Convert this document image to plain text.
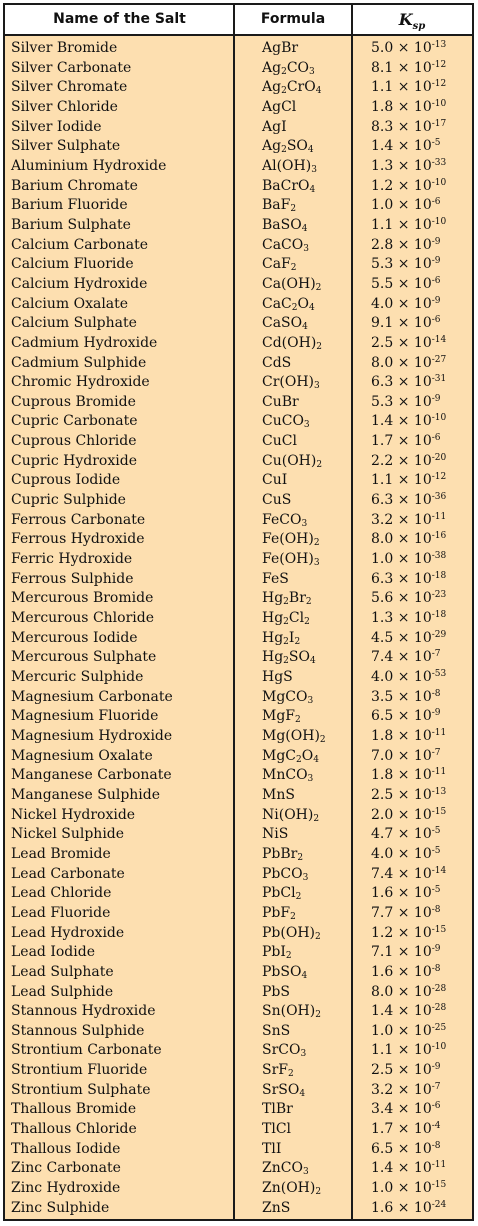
Name of the Salt	Formula	$K_{sp}$
Silver Bromide	AgBr	$5.0 \times 10^{-13}$
Silver Carbonate	$Ag_2CO_3$	$8.1 \times 10^{-12}$
Silver Chromate	$Ag_2CrO_4$	$1.1 \times 10^{-12}$
Silver Chloride	AgCl	$1.8 \times 10^{-10}$
Silver Iodide	AgI	$8.3 \times 10^{-17}$
Silver Sulphate	$Ag_2SO_4$	$1.4 \times 10^{-5}$
Aluminium Hydroxide	$Al(OH)_3$	$1.3 \times 10^{-33}$
Barium Chromate	BaCrO$_4$	$1.2 \times 10^{-10}$
Barium Fluoride	BaF$_2$	$1.0 \times 10^{-6}$
Barium Sulphate	BaSO$_4$	$1.1 \times 10^{-10}$
Calcium Carbonate	CaCO$_3$	$2.8 \times 10^{-9}$
Calcium Fluoride	CaF$_2$	$5.3 \times 10^{-9}$
Calcium Hydroxide	$Ca(OH)_2$	$5.5 \times 10^{-6}$
Calcium Oxalate	$CaC_2O_4$	$4.0 \times 10^{-9}$
Calcium Sulphate	CaSO$_4$	$9.1 \times 10^{-6}$
Cadmium Hydroxide	$Cd(OH)_2$	$2.5 \times 10^{-14}$
Cadmium Sulphide	CdS	$8.0 \times 10^{-27}$
Chromic Hydroxide	$Cr(OH)_3$	$6.3 \times 10^{-31}$
Cuprous Bromide	CuBr	$5.3 \times 10^{-9}$
Cupric Carbonate	CuCO$_3$	$1.4 \times 10^{-10}$
Cuprous Chloride	CuCl	$1.7 \times 10^{-6}$
Cupric Hydroxide	$Cu(OH)_2$	$2.2 \times 10^{-20}$
Cuprous Iodide	CuI	$1.1 \times 10^{-12}$
Cupric Sulphide	CuS	$6.3 \times 10^{-36}$
Ferrous Carbonate	FeCO$_3$	$3.2 \times 10^{-11}$
Ferrous Hydroxide	$Fe(OH)_2$	$8.0 \times 10^{-16}$
Ferric Hydroxide	$Fe(OH)_3$	$1.0 \times 10^{-38}$
Ferrous Sulphide	FeS	$6.3 \times 10^{-18}$
Mercurous Bromide	$Hg_2Br_2$	$5.6 \times 10^{-23}$
Mercurous Chloride	$Hg_2Cl_2$	$1.3 \times 10^{-18}$
Mercurous Iodide	$Hg_2I_2$	$4.5 \times 10^{-29}$
Mercurous Sulphate	$Hg_2SO_4$	$7.4 \times 10^{-7}$
Mercuric Sulphide	HgS	$4.0 \times 10^{-53}$
Magnesium Carbonate	MgCO$_3$	$3.5 \times 10^{-8}$
Magnesium Fluoride	MgF$_2$	$6.5 \times 10^{-9}$
Magnesium Hydroxide	$Mg(OH)_2$	$1.8 \times 10^{-11}$
Magnesium Oxalate	$MgC_2O_4$	$7.0 \times 10^{-7}$
Manganese Carbonate	MnCO$_3$	$1.8 \times 10^{-11}$
Manganese Sulphide	MnS	$2.5 \times 10^{-13}$
Nickel Hydroxide	$Ni(OH)_2$	$2.0 \times 10^{-15}$
Nickel Sulphide	NiS	$4.7 \times 10^{-5}$
Lead Bromide	PbBr$_2$	$4.0 \times 10^{-5}$
Lead Carbonate	PbCO$_3$	$7.4 \times 10^{-14}$
Lead Chloride	PbCl$_2$	$1.6 \times 10^{-5}$
Lead Fluoride	PbF$_2$	$7.7 \times 10^{-8}$
Lead Hydroxide	$Pb(OH)_2$	$1.2 \times 10^{-15}$
Lead Iodide	PbI$_2$	$7.1 \times 10^{-9}$
Lead Sulphate	PbSO$_4$	$1.6 \times 10^{-8}$
Lead Sulphide	PbS	$8.0 \times 10^{-28}$
Stannous Hydroxide	$Sn(OH)_2$	$1.4 \times 10^{-28}$
Stannous Sulphide	SnS	$1.0 \times 10^{-25}$
Strontium Carbonate	SrCO$_3$	$1.1 \times 10^{-10}$
Strontium Fluoride	SrF$_2$	$2.5 \times 10^{-9}$
Strontium Sulphate	SrSO$_4$	$3.2 \times 10^{-7}$
Thallous Bromide	TlBr	$3.4 \times 10^{-6}$
Thallous Chloride	TlCl	$1.7 \times 10^{-4}$
Thallous Iodide	TlI	$6.5 \times 10^{-8}$
Zinc Carbonate	ZnCO$_3$	$1.4 \times 10^{-11}$
Zinc Hydroxide	$Zn(OH)_2$	$1.0 \times 10^{-15}$
Zinc Sulphide	ZnS	$1.6 \times 10^{-24}$
